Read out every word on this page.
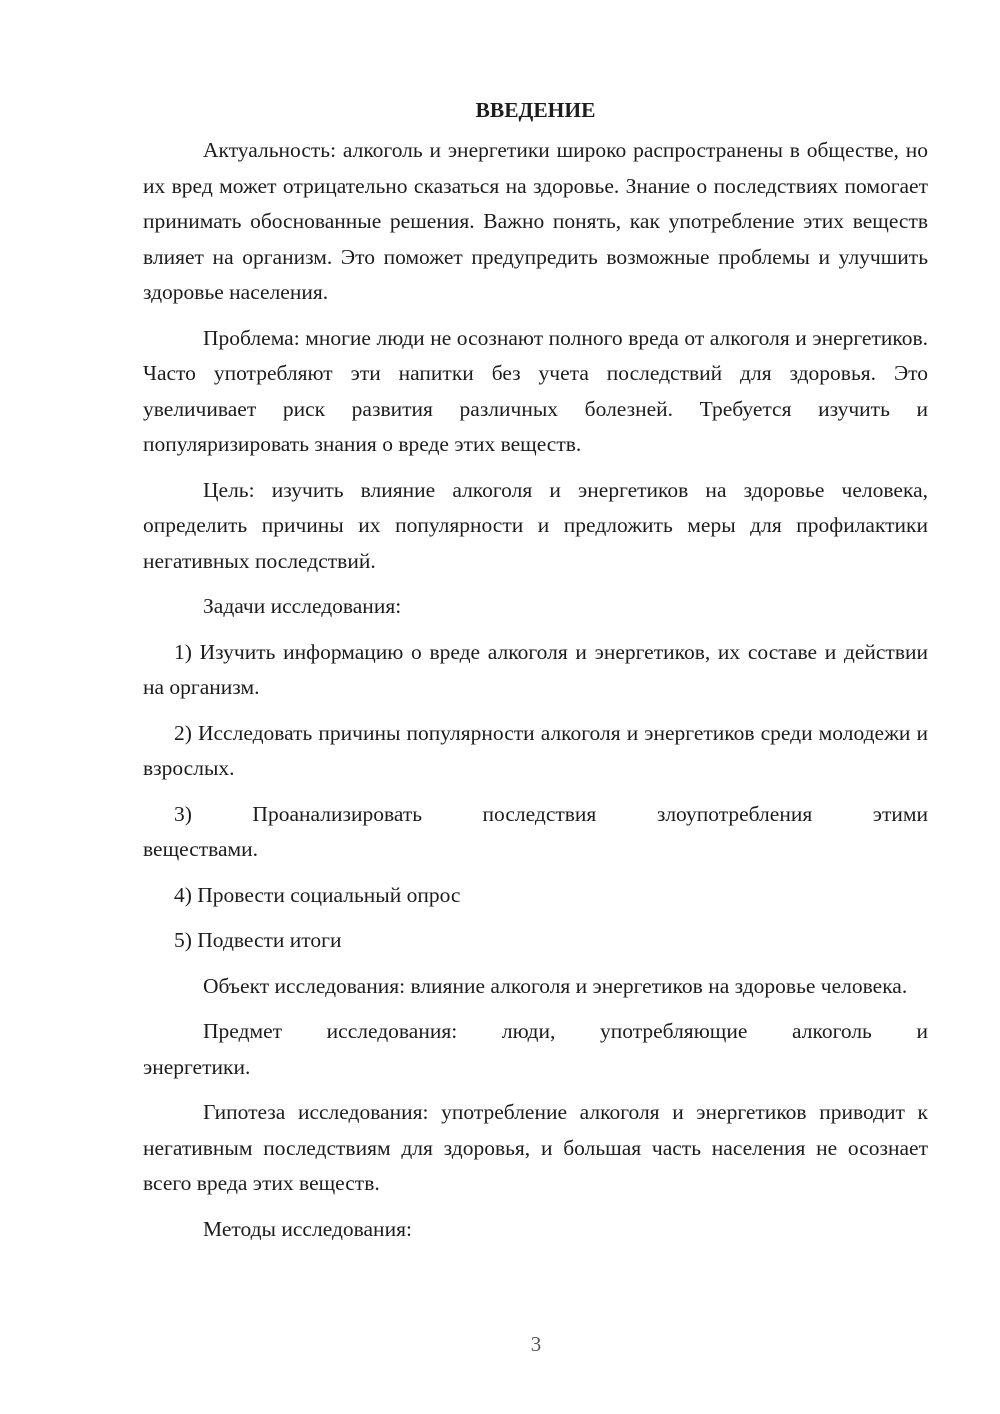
ВВЕДЕНИЕ

Актуальность: алкоголь и энергетики широко распространены в обществе, но их вред может отрицательно сказаться на здоровье. Знание о последствиях помогает принимать обоснованные решения. Важно понять, как употребление этих веществ влияет на организм. Это поможет предупредить возможные проблемы и улучшить здоровье населения.

Проблема: многие люди не осознают полного вреда от алкоголя и энергетиков. Часто употребляют эти напитки без учета последствий для здоровья. Это увеличивает риск развития различных болезней. Требуется изучить и популяризировать знания о вреде этих веществ.

Цель: изучить влияние алкоголя и энергетиков на здоровье человека, определить причины их популярности и предложить меры для профилактики негативных последствий.

Задачи исследования:

1) Изучить информацию о вреде алкоголя и энергетиков, их составе и действии на организм.

2) Исследовать причины популярности алкоголя и энергетиков среди молодежи и взрослых.

3) Проанализировать последствия злоупотребления этими
веществами.

4) Провести социальный опрос

5) Подвести итоги

Объект исследования: влияние алкоголя и энергетиков на здоровье человека.

Предмет исследования: люди, употребляющие алкоголь и
энергетики.

Гипотеза исследования: употребление алкоголя и энергетиков приводит к негативным последствиям для здоровья, и большая часть населения не осознает всего вреда этих веществ.

Методы исследования:

3
